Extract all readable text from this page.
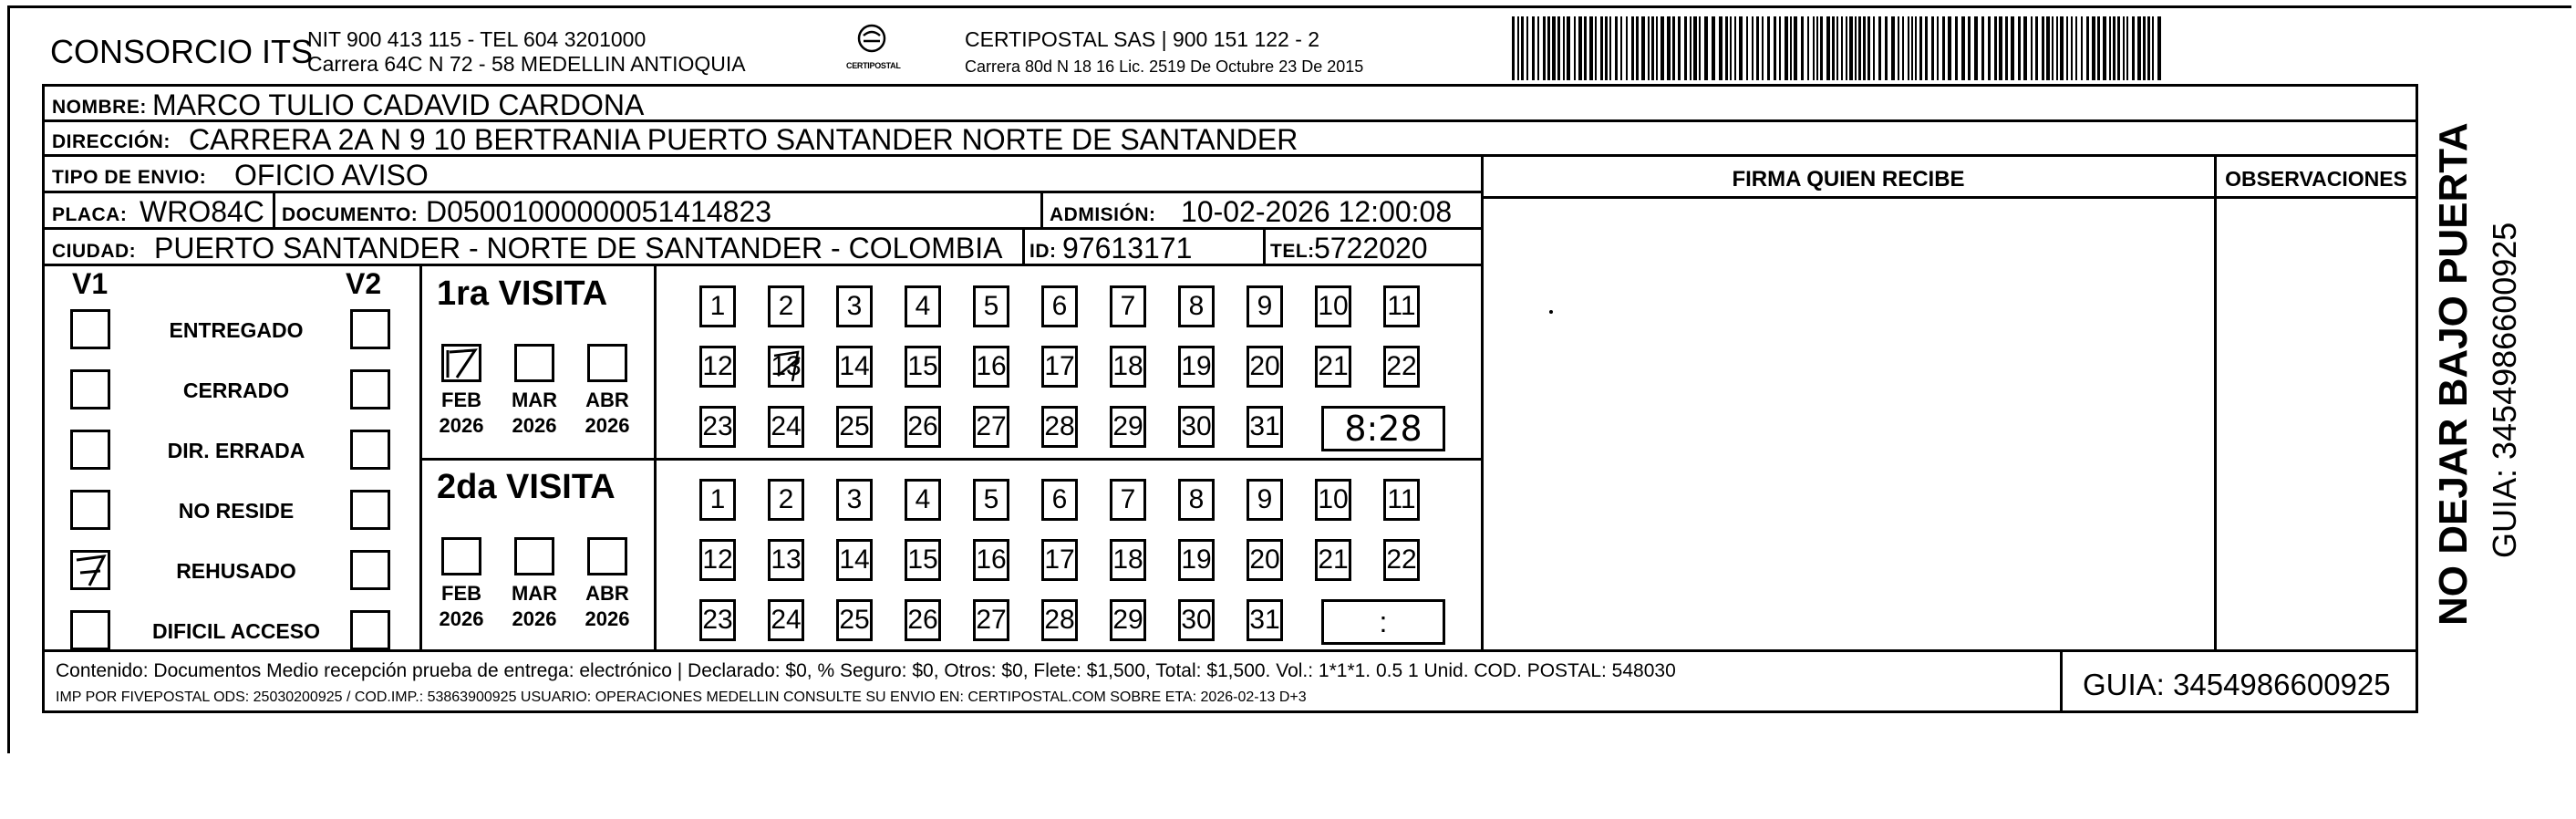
CONSORCIO ITS
NIT 900 413 115 - TEL 604 3201000
Carrera 64C N 72 - 58 MEDELLIN ANTIOQUIA	CERTIPOSTAL
CERTIPOSTAL SAS | 900 151 122 - 2
Carrera 80d N 18 16 Lic. 2519 De Octubre 23 De 2015
NOMBRE: MARCO TULIO CADAVID CARDONA
DIRECCIÓN: CARRERA 2A N 9 10 BERTRANIA PUERTO SANTANDER NORTE DE SANTANDER
TIPO DE ENVIO: OFICIO AVISO
PLACA: WRO84C DOCUMENTO: D05001000000051414823	ADMISIÓN: 10-02-2026 12:00:08
CIUDAD: PUERTO SANTANDER - NORTE DE SANTANDER - COLOMBIA ID: 97613171	TEL: 5722020
FIRMA QUIEN RECIBE	OBSERVACIONES
V1	V2 1ra VISITA
2da VISITA
Contenido: Documentos Medio recepción prueba de entrega: electrónico | Declarado: $0, % Seguro: $0, Otros: $0, Flete: $1,500, Total: $1,500. Vol.: 1*1*1. 0.5 1 Unid. COD. POSTAL: 548030
IMP POR FIVEPOSTAL ODS: 25030200925 / COD.IMP.: 53863900925 USUARIO: OPERACIONES MEDELLIN CONSULTE SU ENVIO EN: CERTIPOSTAL.COM SOBRE ETA: 2026-02-13 D+3	GUIA: 3454986600925
ENTREGADO
CERRADO
DIR. ERRADA
NO RESIDE
REHUSADO
DIFICIL ACCESO
FEB
2026
MAR
2026
ABR
2026
FEB
2026
MAR
2026
ABR
2026
1	2	3	4	5	6	7	8	9	10 11
12 13 14 15 16 17 18 19 20 21 22
23 24 25 26 27 28 29 30 31	8:28
1	2	3	4	5	6	7	8	9	10 11
12 13 14 15 16 17 18 19 20 21 22
23 24 25 26 27 28 29 30 31	:	NO DEJAR BAJO PUERTA GUIA: 3454986600925
